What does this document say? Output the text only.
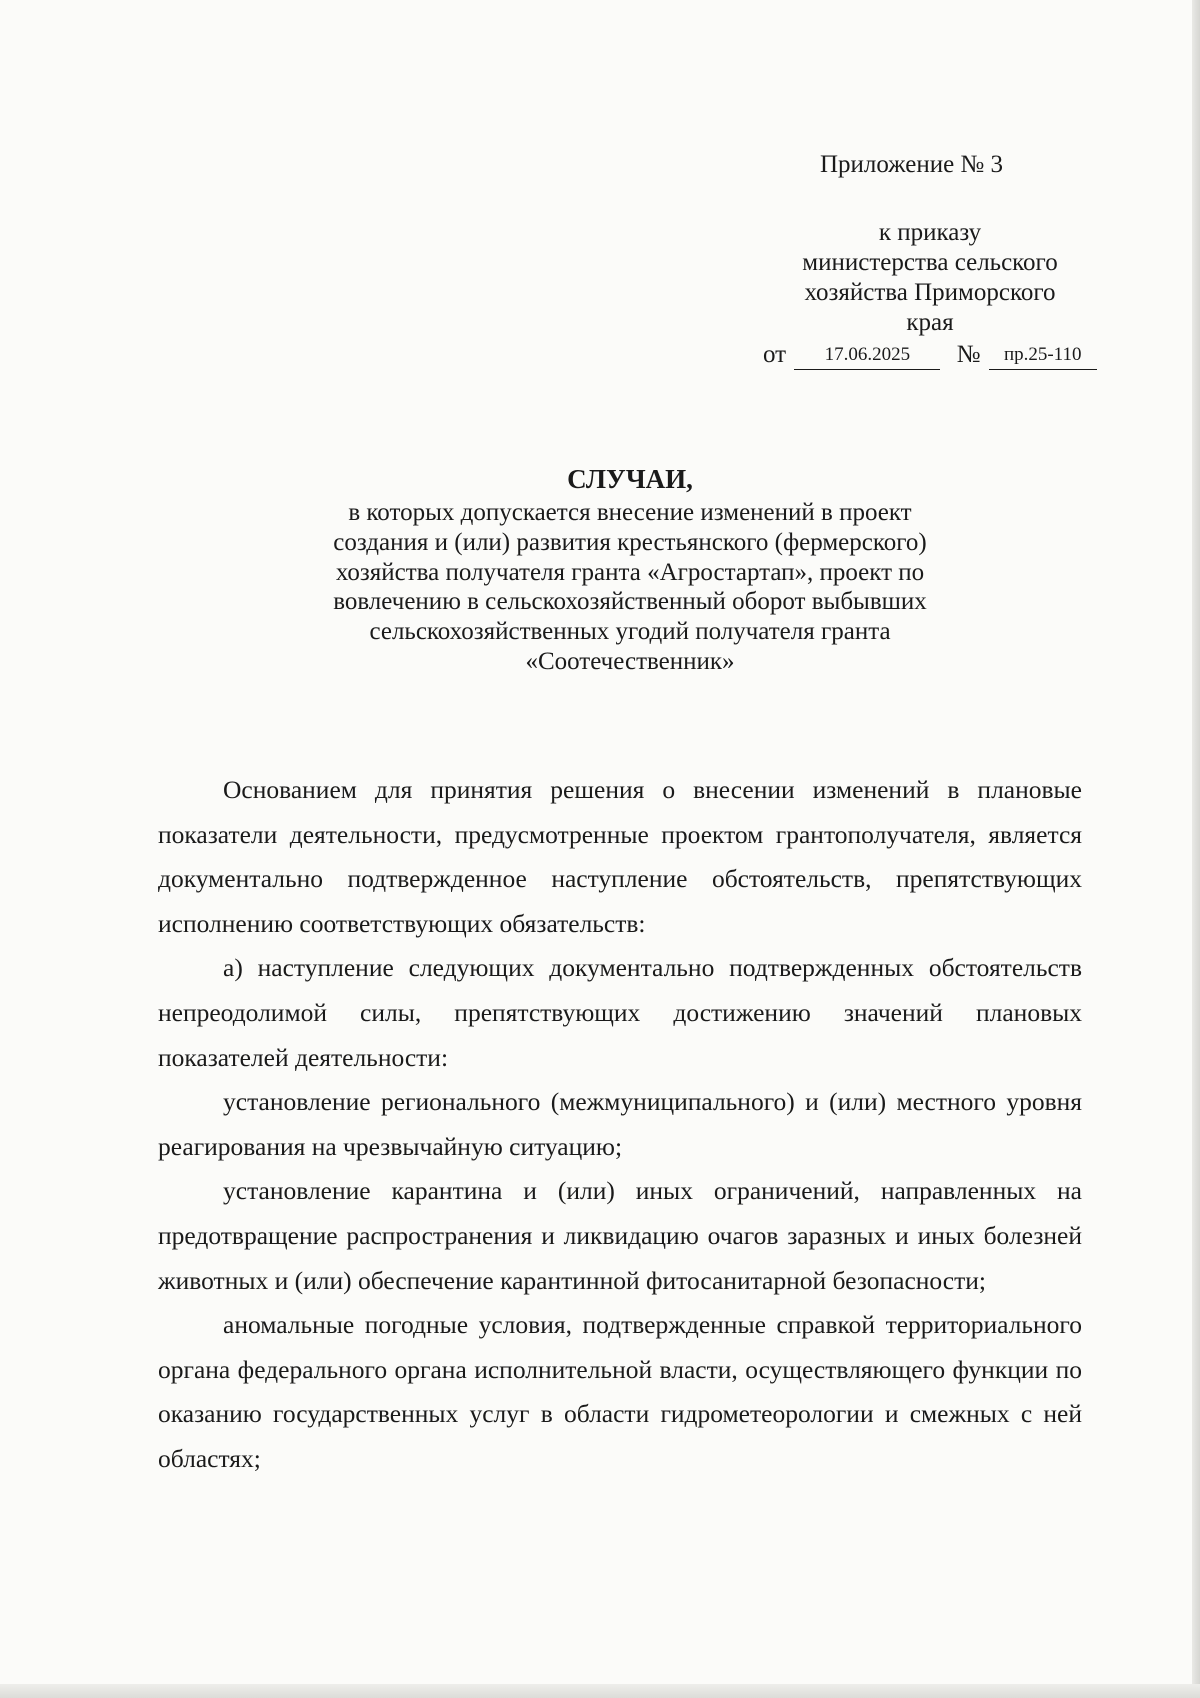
Приложение № 3
к приказу
министерства сельского
хозяйства Приморского
края
от 17.06.2025 № пр.25-110
СЛУЧАИ,
в которых допускается внесение изменений в проект
создания и (или) развития крестьянского (фермерского)
хозяйства получателя гранта «Агростартап», проект по
вовлечению в сельскохозяйственный оборот выбывших
сельскохозяйственных угодий получателя гранта
«Соотечественник»

Основанием для принятия решения о внесении изменений в плановые показатели деятельности, предусмотренные проектом грантополучателя, является документально подтвержденное наступление обстоятельств, препятствующих исполнению соответствующих обязательств:

а) наступление следующих документально подтвержденных обстоятельств непреодолимой силы, препятствующих достижению значений плановых показателей деятельности:

установление регионального (межмуниципального) и (или) местного уровня реагирования на чрезвычайную ситуацию;

установление карантина и (или) иных ограничений, направленных на предотвращение распространения и ликвидацию очагов заразных и иных болезней животных и (или) обеспечение карантинной фитосанитарной безопасности;

аномальные погодные условия, подтвержденные справкой территориального органа федерального органа исполнительной власти, осуществляющего функции по оказанию государственных услуг в области гидрометеорологии и смежных с ней областях;
